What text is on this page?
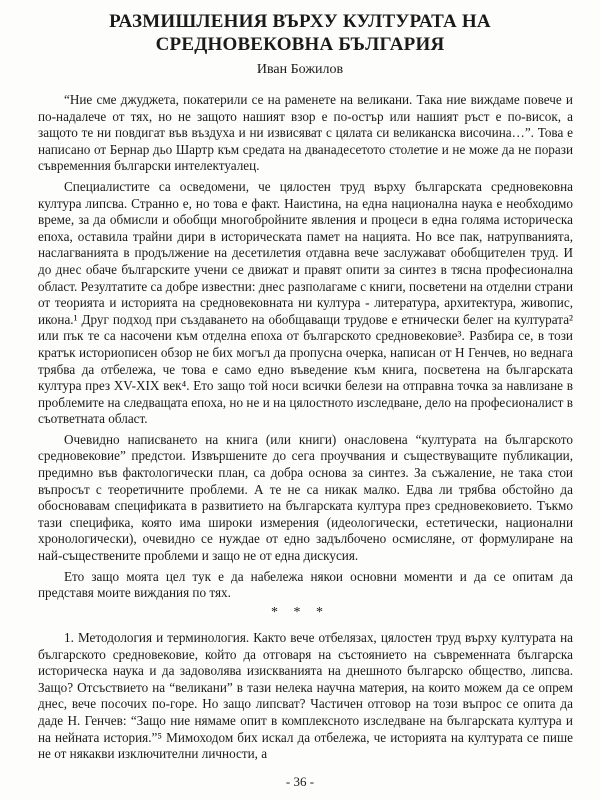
РАЗМИШЛЕНИЯ ВЪРХУ КУЛТУРАТА НА
СРЕДНОВЕКОВНА БЪЛГАРИЯ
Иван Божилов

“Ние сме джуджета, покатерили се на раменете на великани. Така ние виждаме повече и по-надалече от тях, но не защото нашият взор е по-остър или нашият ръст е по-висок, а защото те ни повдигат във въздуха и ни извисяват с цялата си великанска височина…”. Това е написано от Бернар дьо Шартр към средата на дванадесетото столетие и не може да не порази съвременния български интелектуалец.

Специалистите са осведомени, че цялостен труд върху българската средновековна култура липсва. Странно е, но това е факт. Наистина, на една национална наука е необходимо време, за да обмисли и обобщи многобройните явления и процеси в една голяма историческа епоха, оставила трайни дири в историческата памет на нацията. Но все пак, натрупванията, наслагванията в продължение на десетилетия отдавна вече заслужават обобщителен труд. И до днес обаче българските учени се движат и правят опити за синтез в тясна професионална област. Резултатите са добре известни: днес разполагаме с книги, посветени на отделни страни от теорията и историята на средновековната ни култура - литература, архитектура, живопис, икона.¹ Друг подход при създаването на обобщаващи трудове е етнически белег на културата² или пък те са насочени към отделна епоха от българското средновековие³. Разбира се, в този кратък историописен обзор не бих могъл да пропусна очерка, написан от Н Генчев, но веднага трябва да отбележа, че това е само едно въведение към книга, посветена на българската култура през XV-XIX век⁴. Ето защо той носи всички белези на отправна точка за навлизане в проблемите на следващата епоха, но не и на цялостното изследване, дело на професионалист в съответната област.

Очевидно написването на книга (или книги) онасловена “културата на българското средновековие” предстои. Извършените до сега проучвания и съществуващите публикации, предимно във фактологически план, са добра основа за синтез. За съжаление, не така стои въпросът с теоретичните проблеми. А те не са никак малко. Едва ли трябва обстойно да обосновавам спецификата в развитието на българската култура през средновековието. Тъкмо тази специфика, която има широки измерения (идеологически, естетически, национални хронологически), очевидно се нуждае от едно задълбочено осмисляне, от формулиране на най-съществените проблеми и защо не от една дискусия.

Ето защо моята цел тук е да набележа някои основни моменти и да се опитам да представя моите виждания по тях.

* * *

1. Методология и терминология. Както вече отбелязах, цялостен труд върху културата на българското средновековие, който да отговаря на състоянието на съвременната българска историческа наука и да задоволява изискванията на днешното българско общество, липсва. Защо? Отсъствието на “великани” в тази нелека научна материя, на които можем да се опрем днес, вече посочих по-горе. Но защо липсват? Частичен отговор на този въпрос се опита да даде Н. Генчев: “Защо ние нямаме опит в комплексното изследване на българската култура и на нейната история.”⁵ Мимоходом бих искал да отбележа, че историята на културата се пише не от някакви изключителни личности, а

- 36 -
